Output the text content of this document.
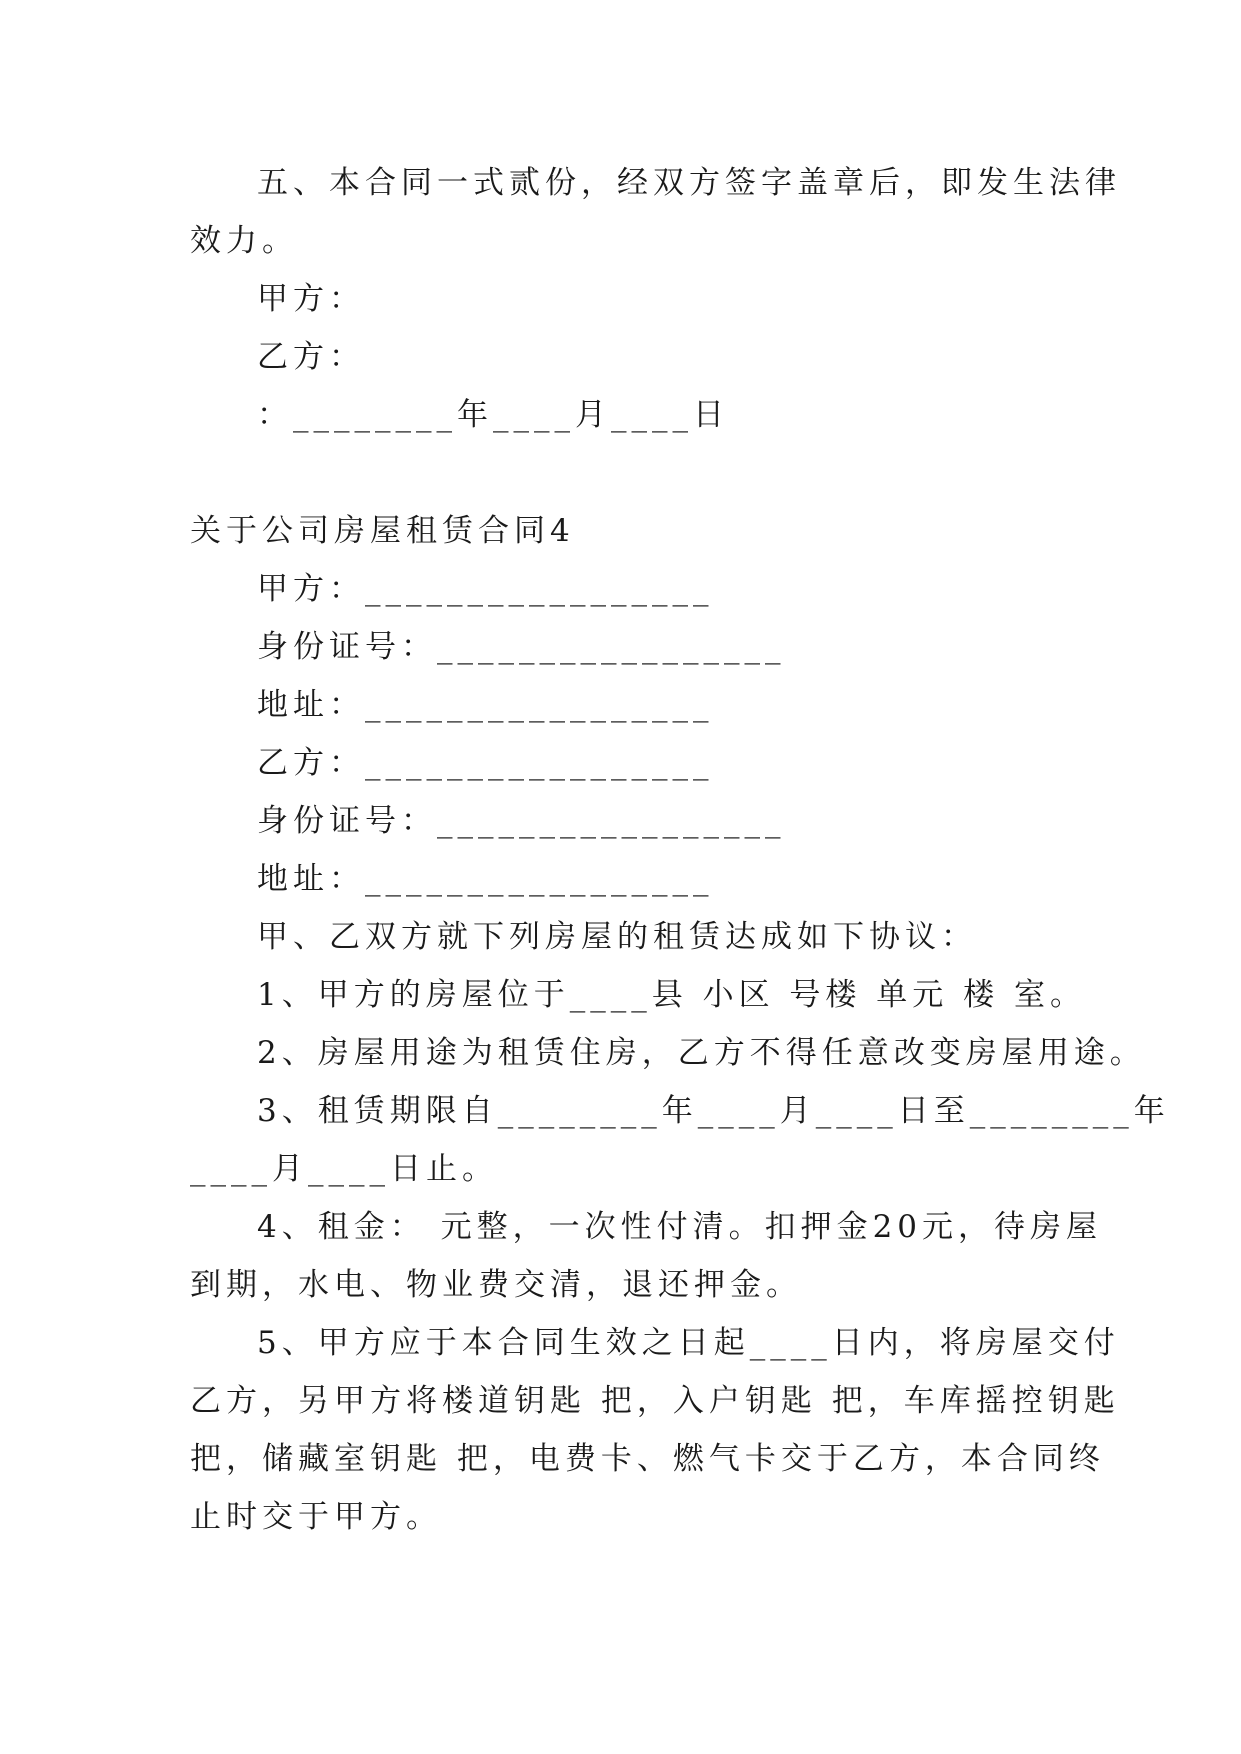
五、本合同一式贰份，经双方签字盖章后，即发生法律

效力。

甲方：

乙方：

：________年____月____日

关于公司房屋租赁合同4

甲方：_________________

身份证号：_________________

地址：_________________

乙方：_________________

身份证号：_________________

地址：_________________

甲、乙双方就下列房屋的租赁达成如下协议：

1、甲方的房屋位于____县 小区 号楼 单元 楼 室。

2、房屋用途为租赁住房，乙方不得任意改变房屋用途。

3、租赁期限自________年____月____日至________年

____月____日止。

4、租金： 元整，一次性付清。扣押金20元，待房屋

到期，水电、物业费交清，退还押金。

5、甲方应于本合同生效之日起____日内，将房屋交付

乙方，另甲方将楼道钥匙 把，入户钥匙 把，车库摇控钥匙

把，储藏室钥匙 把，电费卡、燃气卡交于乙方，本合同终

止时交于甲方。
